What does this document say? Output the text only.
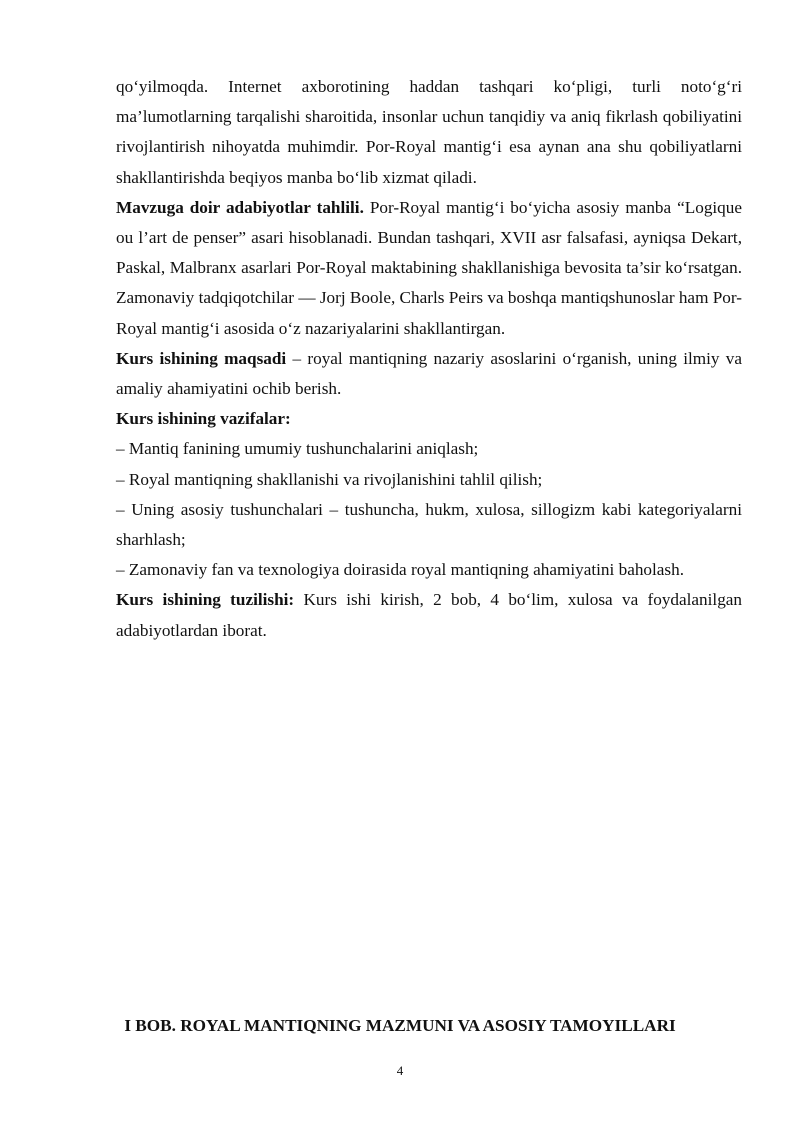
qo‘yilmoqda. Internet axborotining haddan tashqari ko‘pligi, turli noto‘g‘ri ma’lumotlarning tarqalishi sharoitida, insonlar uchun tanqidiy va aniq fikrlash qobiliyatini rivojlantirish nihoyatda muhimdir. Por-Royal mantig‘i esa aynan ana shu qobiliyatlarni shakllantirishda beqiyos manba bo‘lib xizmat qiladi.

Mavzuga doir adabiyotlar tahlili. Por-Royal mantig‘i bo‘yicha asosiy manba “Logique ou l’art de penser” asari hisoblanadi. Bundan tashqari, XVII asr falsafasi, ayniqsa Dekart, Paskal, Malbranx asarlari Por-Royal maktabining shakllanishiga bevosita ta’sir ko‘rsatgan. Zamonaviy tadqiqotchilar — Jorj Boole, Charls Peirs va boshqa mantiqshunoslar ham Por-Royal mantig‘i asosida o‘z nazariyalarini shakllantirgan.

Kurs ishining maqsadi – royal mantiqning nazariy asoslarini o‘rganish, uning ilmiy va amaliy ahamiyatini ochib berish.

Kurs ishining vazifalar:

– Mantiq fanining umumiy tushunchalarini aniqlash;

– Royal mantiqning shakllanishi va rivojlanishini tahlil qilish;

– Uning asosiy tushunchalari – tushuncha, hukm, xulosa, sillogizm kabi kategoriyalarni sharhlash;

– Zamonaviy fan va texnologiya doirasida royal mantiqning ahamiyatini baholash.

Kurs ishining tuzilishi: Kurs ishi kirish, 2 bob, 4 bo‘lim, xulosa va foydalanilgan adabiyotlardan iborat.

I BOB. ROYAL MANTIQNING MAZMUNI VA ASOSIY TAMOYILLARI
4
